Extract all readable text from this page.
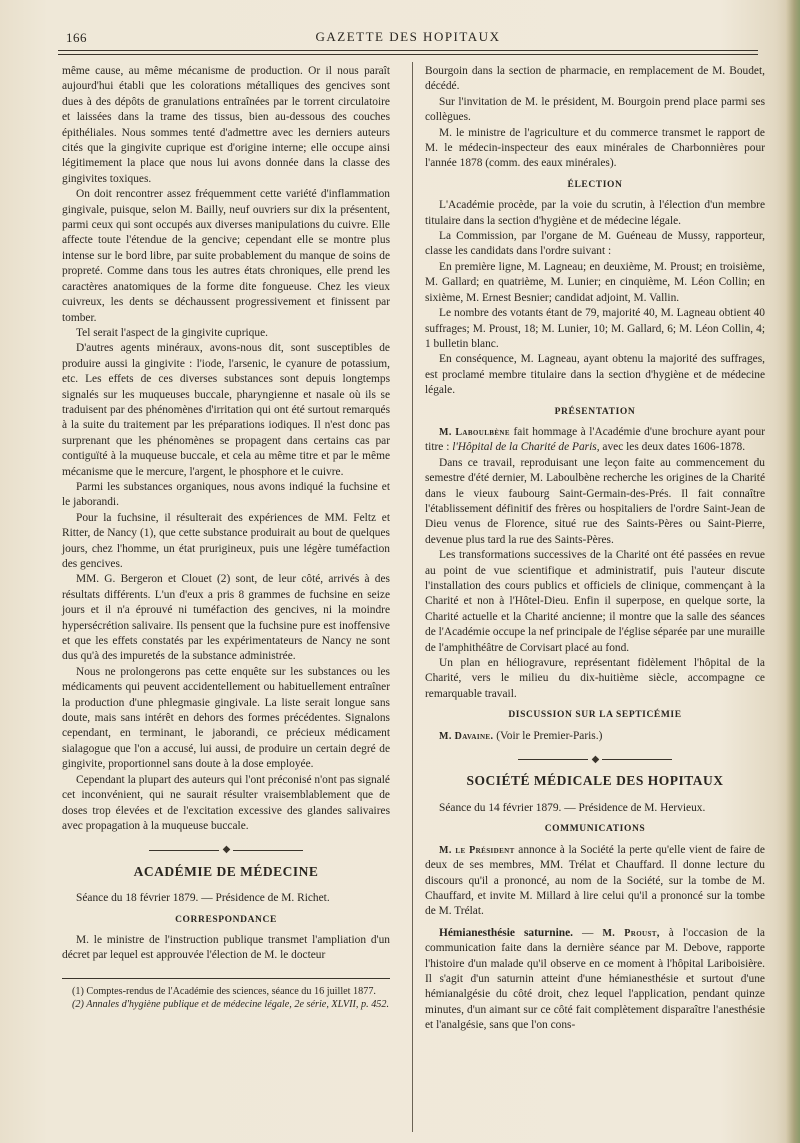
166	GAZETTE DES HOPITAUX

même cause, au même mécanisme de production. Or il nous paraît aujourd'hui établi que les colorations métalliques des gencives sont dues à des dépôts de granulations entraînées par le torrent circulatoire et laissées dans la trame des tissus, bien au-dessous des couches épithéliales. Nous sommes tenté d'admettre avec les derniers auteurs cités que la gingivite cuprique est d'origine interne; elle occupe ainsi légitimement la place que nous lui avons donnée dans la classe des gingivites toxiques.

On doit rencontrer assez fréquemment cette variété d'inflammation gingivale, puisque, selon M. Bailly, neuf ouvriers sur dix la présentent, parmi ceux qui sont occupés aux diverses manipulations du cuivre. Elle affecte toute l'étendue de la gencive; cependant elle se montre plus intense sur le bord libre, par suite probablement du manque de soins de propreté. Comme dans tous les autres états chroniques, elle prend les caractères anatomiques de la forme dite fongueuse. Chez les vieux cuivreux, les dents se déchaussent progressivement et finissent par tomber.

Tel serait l'aspect de la gingivite cuprique.

D'autres agents minéraux, avons-nous dit, sont susceptibles de produire aussi la gingivite : l'iode, l'arsenic, le cyanure de potassium, etc. Les effets de ces diverses substances sont depuis longtemps signalés sur les muqueuses buccale, pharyngienne et nasale où ils se traduisent par des phénomènes d'irritation qui ont été surtout remarqués à la suite du traitement par les préparations iodiques. Il n'est donc pas surprenant que les phénomènes se propagent dans certains cas par contiguïté à la muqueuse buccale, et cela au même titre et par le même mécanisme que le mercure, l'argent, le phosphore et le cuivre.

Parmi les substances organiques, nous avons indiqué la fuchsine et le jaborandi.

Pour la fuchsine, il résulterait des expériences de MM. Feltz et Ritter, de Nancy (1), que cette substance produirait au bout de quelques jours, chez l'homme, un état prurigineux, puis une légère tuméfaction des gencives.

MM. G. Bergeron et Clouet (2) sont, de leur côté, arrivés à des résultats différents. L'un d'eux a pris 8 grammes de fuchsine en seize jours et il n'a éprouvé ni tuméfaction des gencives, ni la moindre hypersécrétion salivaire. Ils pensent que la fuchsine pure est inoffensive et que les effets constatés par les expérimentateurs de Nancy ne sont dus qu'à des impuretés de la substance administrée.

Nous ne prolongerons pas cette enquête sur les substances ou les médicaments qui peuvent accidentellement ou habituellement entraîner la production d'une phlegmasie gingivale. La liste serait longue sans doute, mais sans intérêt en dehors des formes précédentes. Signalons cependant, en terminant, le jaborandi, ce précieux médicament sialagogue que l'on a accusé, lui aussi, de produire un certain degré de gingivite, proportionnel sans doute à la dose employée.

Cependant la plupart des auteurs qui l'ont préconisé n'ont pas signalé cet inconvénient, qui ne saurait résulter vraisemblablement que de doses trop élevées et de l'excitation excessive des glandes salivaires avec propagation à la muqueuse buccale.

◆
ACADÉMIE DE MÉDECINE

Séance du 18 février 1879. — Présidence de M. Richet.

CORRESPONDANCE

M. le ministre de l'instruction publique transmet l'ampliation d'un décret par lequel est approuvée l'élection de M. le docteur

(1) Comptes-rendus de l'Académie des sciences, séance du 16 juillet 1877.

(2) Annales d'hygiène publique et de médecine légale, 2e série, XLVII, p. 452.

Bourgoin dans la section de pharmacie, en remplacement de M. Boudet, décédé.

Sur l'invitation de M. le président, M. Bourgoin prend place parmi ses collègues.

M. le ministre de l'agriculture et du commerce transmet le rapport de M. le médecin-inspecteur des eaux minérales de Charbonnières pour l'année 1878 (comm. des eaux minérales).

ÉLECTION

L'Académie procède, par la voie du scrutin, à l'élection d'un membre titulaire dans la section d'hygiène et de médecine légale.

La Commission, par l'organe de M. Guéneau de Mussy, rapporteur, classe les candidats dans l'ordre suivant :

En première ligne, M. Lagneau; en deuxième, M. Proust; en troisième, M. Gallard; en quatrième, M. Lunier; en cinquième, M. Léon Collin; en sixième, M. Ernest Besnier; candidat adjoint, M. Vallin.

Le nombre des votants étant de 79, majorité 40, M. Lagneau obtient 40 suffrages; M. Proust, 18; M. Lunier, 10; M. Gallard, 6; M. Léon Collin, 4; 1 bulletin blanc.

En conséquence, M. Lagneau, ayant obtenu la majorité des suffrages, est proclamé membre titulaire dans la section d'hygiène et de médecine légale.

PRÉSENTATION

M. Laboulbène fait hommage à l'Académie d'une brochure ayant pour titre : l'Hôpital de la Charité de Paris, avec les deux dates 1606-1878.

Dans ce travail, reproduisant une leçon faite au commencement du semestre d'été dernier, M. Laboulbène recherche les origines de la Charité dans le vieux faubourg Saint-Germain-des-Prés. Il fait connaître l'établissement définitif des frères ou hospitaliers de l'ordre Saint-Jean de Dieu venus de Florence, situé rue des Saints-Pères ou Saint-Pierre, devenue plus tard la rue des Saints-Pères.

Les transformations successives de la Charité ont été passées en revue au point de vue scientifique et administratif, puis l'auteur discute l'installation des cours publics et officiels de clinique, commençant à la Charité et non à l'Hôtel-Dieu. Enfin il superpose, en quelque sorte, la Charité actuelle et la Charité ancienne; il montre que la salle des séances de l'Académie occupe la nef principale de l'église séparée par une muraille de l'amphithéâtre de Corvisart placé au fond.

Un plan en héliogravure, représentant fidèlement l'hôpital de la Charité, vers le milieu du dix-huitième siècle, accompagne ce remarquable travail.

DISCUSSION SUR LA SEPTICÉMIE

M. Davaine. (Voir le Premier-Paris.)

◆
SOCIÉTÉ MÉDICALE DES HOPITAUX

Séance du 14 février 1879. — Présidence de M. Hervieux.

COMMUNICATIONS

M. le Président annonce à la Société la perte qu'elle vient de faire de deux de ses membres, MM. Trélat et Chauffard. Il donne lecture du discours qu'il a prononcé, au nom de la Société, sur la tombe de M. Chauffard, et invite M. Millard à lire celui qu'il a prononcé sur la tombe de M. Trélat.

Hémianesthésie saturnine. — M. Proust, à l'occasion de la communication faite dans la dernière séance par M. Debove, rapporte l'histoire d'un malade qu'il observe en ce moment à l'hôpital Lariboisière. Il s'agit d'un saturnin atteint d'une hémianesthésie et surtout d'une hémianalgésie du côté droit, chez lequel l'application, pendant quinze minutes, d'un aimant sur ce côté fait complètement disparaître l'anesthésie et l'analgésie, sans que l'on cons-
